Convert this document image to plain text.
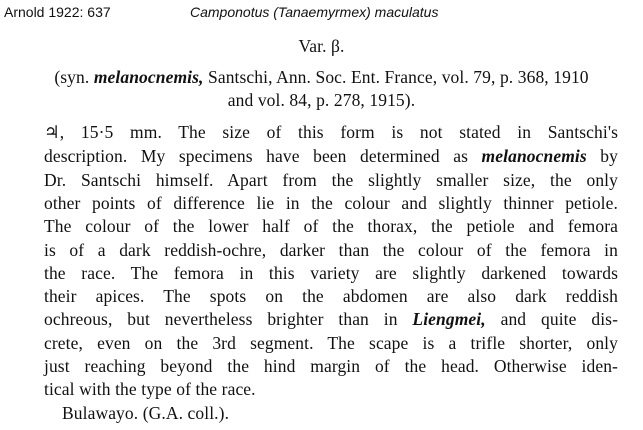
Arnold 1922: 637	Camponotus (Tanaemyrmex) maculatus
Var. β.
(syn. melanocnemis, Santschi, Ann. Soc. Ent. France, vol. 79, p. 368, 1910
and vol. 84, p. 278, 1915).
♃, 15·5 mm. The size of this form is not stated in Santschi's
description. My specimens have been determined as melanocnemis by
Dr. Santschi himself. Apart from the slightly smaller size, the only
other points of difference lie in the colour and slightly thinner petiole.
The colour of the lower half of the thorax, the petiole and femora
is of a dark reddish-ochre, darker than the colour of the femora in
the race. The femora in this variety are slightly darkened towards
their apices. The spots on the abdomen are also dark reddish
ochreous, but nevertheless brighter than in Liengmei, and quite dis-
crete, even on the 3rd segment. The scape is a trifle shorter, only
just reaching beyond the hind margin of the head. Otherwise iden-
tical with the type of the race.
Bulawayo. (G.A. coll.).
